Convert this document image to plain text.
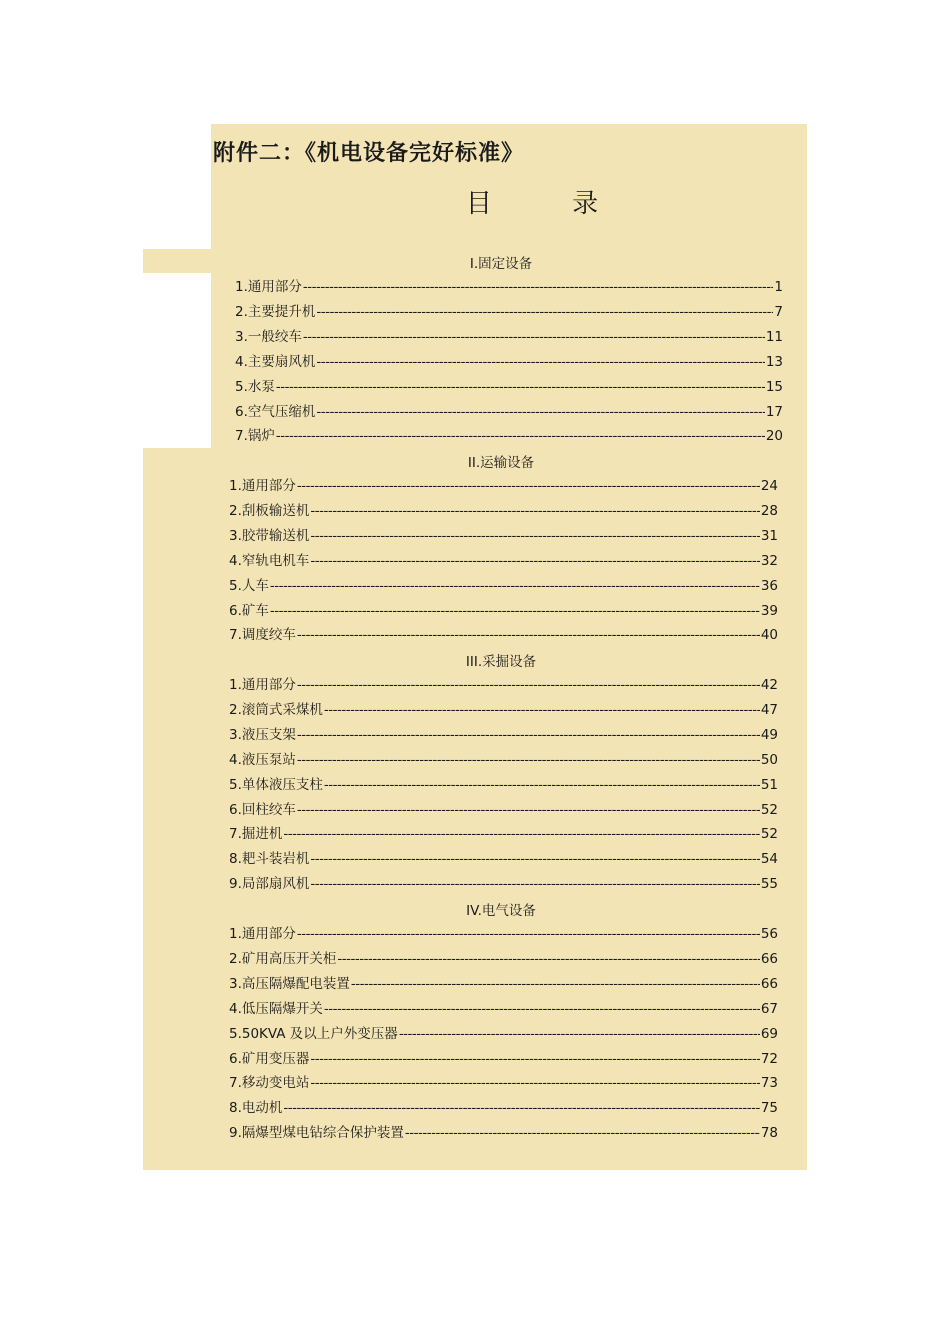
附件二：《机电设备完好标准》
目 录
I.固定设备
1.通用部分 -----	1
2.主要提升机 -----	7
3.一般绞车 -----	11
4.主要扇风机 -----	13
5.水泵 -----	15
6.空气压缩机 -----	17
7.锅炉 -----	20
II.运输设备
1.通用部分 -----	24
2.刮板输送机 -----	28
3.胶带输送机 -----	31
4.窄轨电机车 -----	32
5.人车 -----	36
6.矿车 -----	39
7.调度绞车 -----	40
III.采掘设备
1.通用部分 -----	42
2.滚筒式采煤机 -----	47
3.液压支架 -----	49
4.液压泵站 -----	50
5.单体液压支柱 -----	51
6.回柱绞车 -----	52
7.掘进机 -----	52
8.耙斗装岩机 -----	54
9.局部扇风机 -----	55
IV.电气设备
1.通用部分 -----	56
2.矿用高压开关柜 -----	66
3.高压隔爆配电装置 -----	66
4.低压隔爆开关 -----	67
5.50KVA 及以上户外变压器 -----	69
6.矿用变压器 -----	72
7.移动变电站 -----	73
8.电动机 -----	75
9.隔爆型煤电钻综合保护装置 -----	78
